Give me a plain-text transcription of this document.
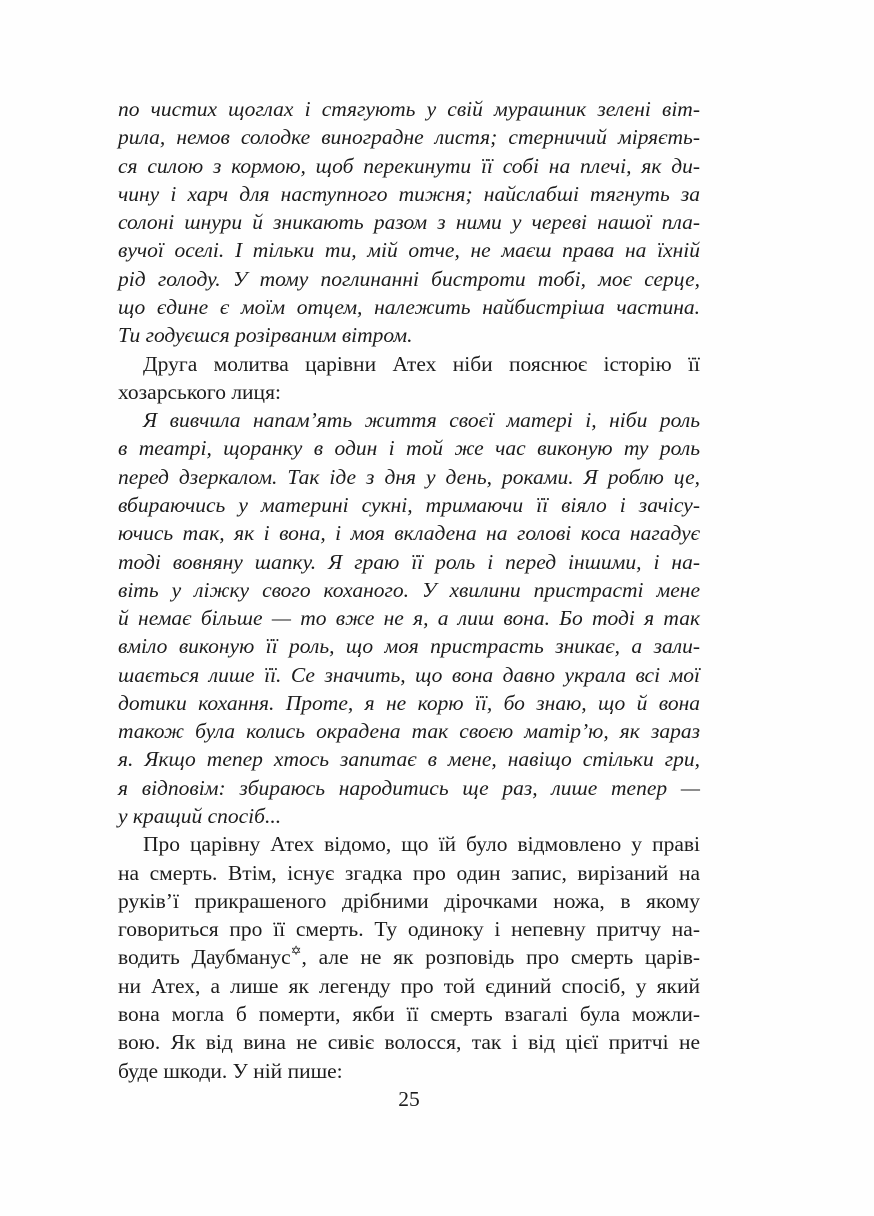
по чистих щоглах і стягують у свій мурашник зелені віт-
рила, немов солодке виноградне листя; стерничий міряєть-
ся силою з кормою, щоб перекинути її собі на плечі, як ди-
чину і харч для наступного тижня; найслабші тягнуть за
солоні шнури й зникають разом з ними у череві нашої пла-
вучої оселі. І тільки ти, мій отче, не маєш права на їхній
рід голоду. У тому поглинанні бистроти тобі, моє серце,
що єдине є моїм отцем, належить найбистріша частина.
Ти годуєшся розірваним вітром.
Друга молитва царівни Атех ніби пояснює історію її
хозарського лиця:
Я вивчила напам’ять життя своєї матері і, ніби роль
в театрі, щоранку в один і той же час виконую ту роль
перед дзеркалом. Так іде з дня у день, роками. Я роблю це,
вбираючись у материні сукні, тримаючи її віяло і зачісу-
ючись так, як і вона, і моя вкладена на голові коса нагадує
тоді вовняну шапку. Я граю її роль і перед іншими, і на-
віть у ліжку свого коханого. У хвилини пристрасті мене
й немає більше — то вже не я, а лиш вона. Бо тоді я так
вміло виконую її роль, що моя пристрасть зникає, а зали-
шається лише її. Се значить, що вона давно украла всі мої
дотики кохання. Проте, я не корю її, бо знаю, що й вона
також була колись окрадена так своєю матір’ю, як зараз
я. Якщо тепер хтось запитає в мене, навіщо стільки гри,
я відповім: збираюсь народитись ще раз, лише тепер —
у кращий спосіб...
Про царівну Атех відомо, що їй було відмовлено у праві
на смерть. Втім, існує згадка про один запис, вирізаний на
руків’ї прикрашеного дрібними дірочками ножа, в якому
говориться про її смерть. Ту одиноку і непевну притчу на-
водить Даубманус✡, але не як розповідь про смерть царів-
ни Атех, а лише як легенду про той єдиний спосіб, у який
вона могла б померти, якби її смерть взагалі була можли-
вою. Як від вина не сивіє волосся, так і від цієї притчі не
буде шкоди. У ній пише:
25
